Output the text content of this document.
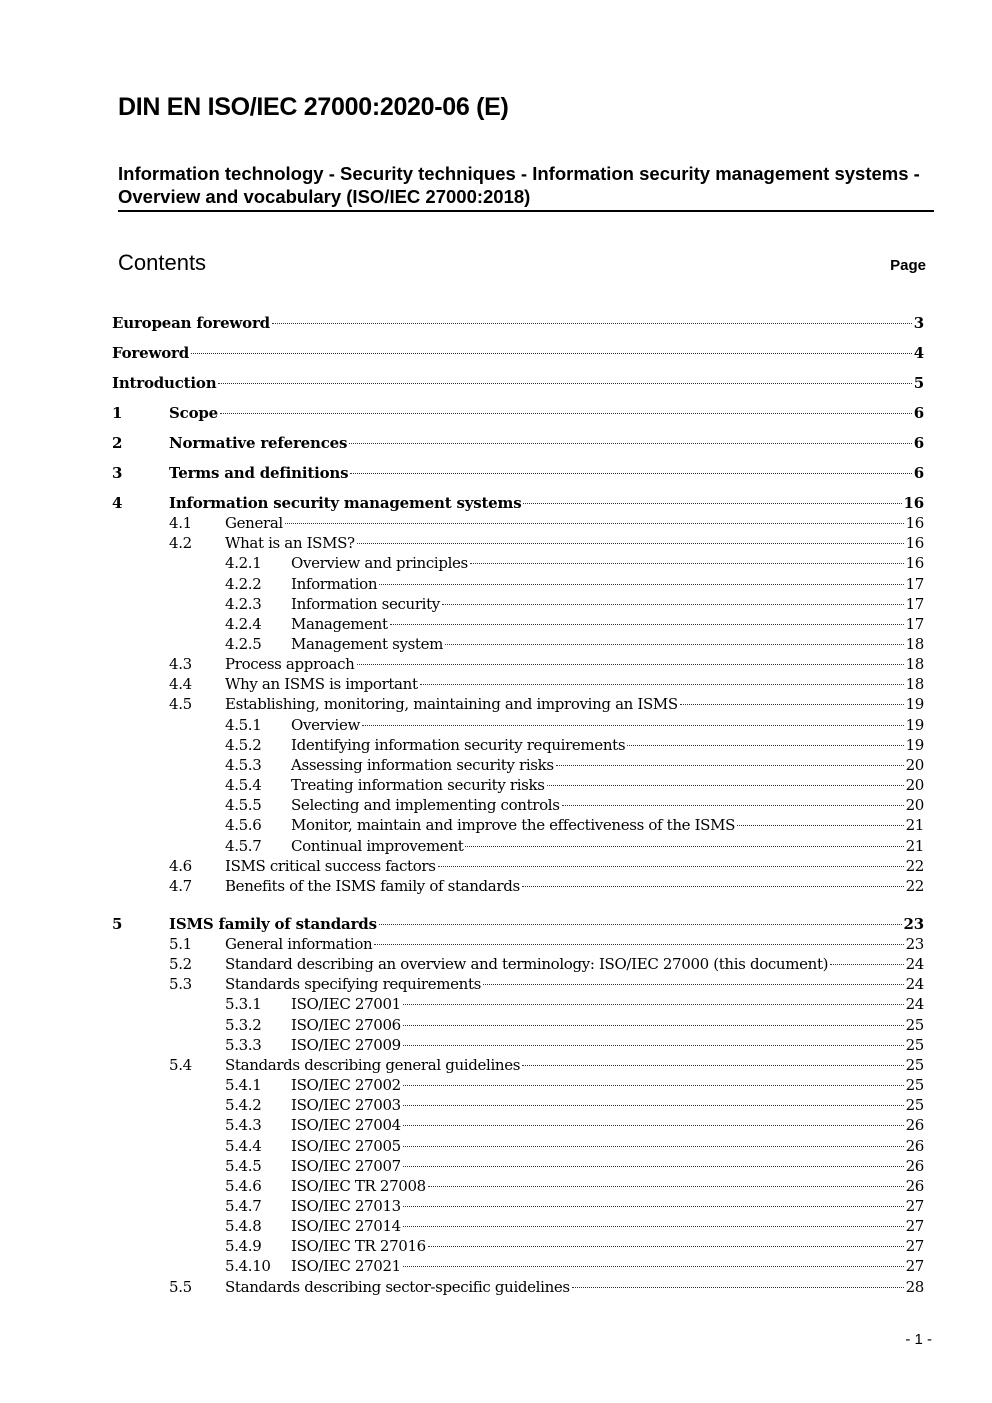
DIN EN ISO/IEC 27000:2020-06 (E)
Information technology - Security techniques - Information security management systems - Overview and vocabulary (ISO/IEC 27000:2018)
Contents	Page
European foreword	3
Foreword	4
Introduction	5
1	Scope	6
2	Normative references	6
3	Terms and definitions	6
4	Information security management systems	16
4.1 General	16
4.2 What is an ISMS?	16
4.2.1 Overview and principles	16
4.2.2 Information	17
4.2.3 Information security	17
4.2.4 Management	17
4.2.5 Management system	18
4.3 Process approach	18
4.4 Why an ISMS is important	18
4.5 Establishing, monitoring, maintaining and improving an ISMS	19
4.5.1 Overview	19
4.5.2 Identifying information security requirements	19
4.5.3 Assessing information security risks	20
4.5.4 Treating information security risks	20
4.5.5 Selecting and implementing controls	20
4.5.6 Monitor, maintain and improve the effectiveness of the ISMS	21
4.5.7 Continual improvement	21
4.6 ISMS critical success factors	22
4.7 Benefits of the ISMS family of standards	22
5	ISMS family of standards	23
5.1 General information	23
5.2 Standard describing an overview and terminology: ISO/IEC 27000 (this document)	24
5.3 Standards specifying requirements	24
5.3.1 ISO/IEC 27001	24
5.3.2 ISO/IEC 27006	25
5.3.3 ISO/IEC 27009	25
5.4 Standards describing general guidelines	25
5.4.1 ISO/IEC 27002	25
5.4.2 ISO/IEC 27003	25
5.4.3 ISO/IEC 27004	26
5.4.4 ISO/IEC 27005	26
5.4.5 ISO/IEC 27007	26
5.4.6 ISO/IEC TR 27008	26
5.4.7 ISO/IEC 27013	27
5.4.8 ISO/IEC 27014	27
5.4.9 ISO/IEC TR 27016	27
5.4.10 ISO/IEC 27021	27
5.5 Standards describing sector-specific guidelines	28
- 1 -
